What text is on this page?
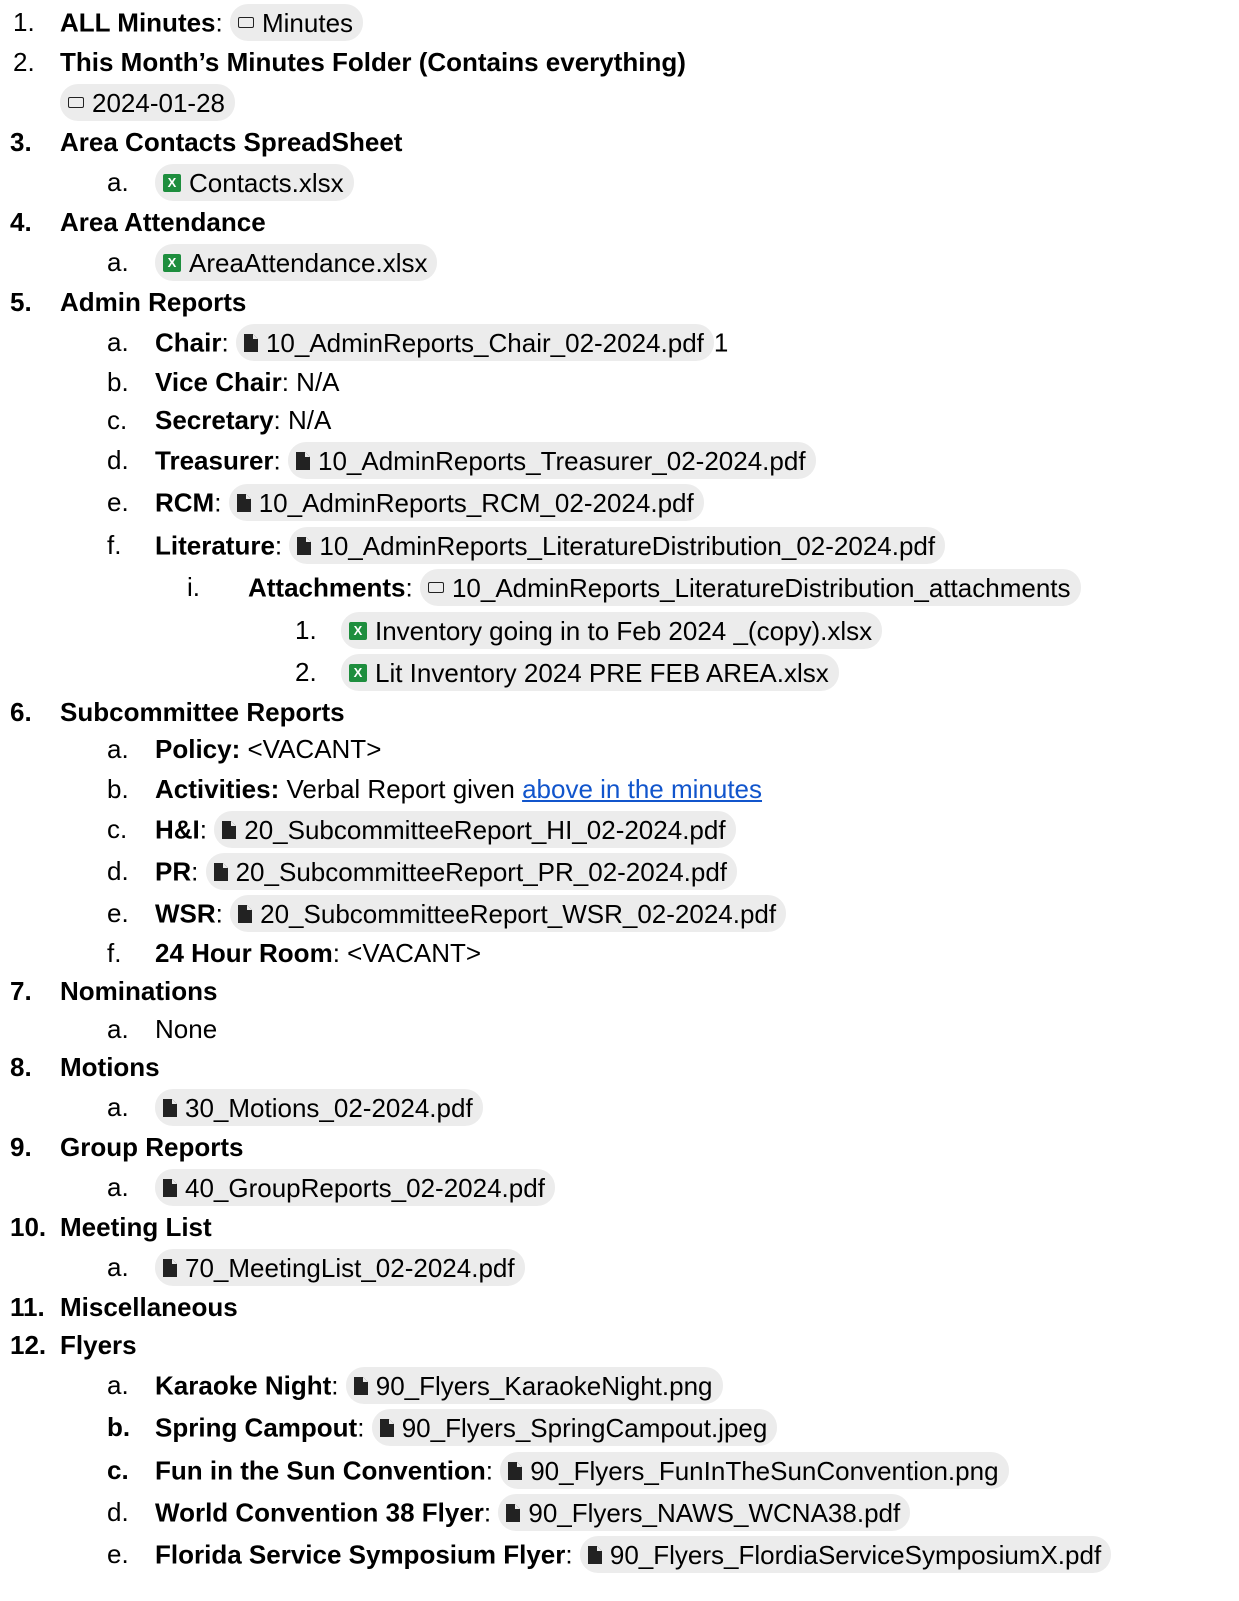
1. ALL Minutes: Minutes
2. This Month’s Minutes Folder (Contains everything)
2024-01-28
3. Area Contacts SpreadSheet
a.	X Contacts.xlsx
4. Area Attendance
a.	X AreaAttendance.xlsx
5. Admin Reports
a. Chair: 10_AdminReports_Chair_02-2024.pdf 1
b. Vice Chair: N/A
c. Secretary: N/A
d. Treasurer: 10_AdminReports_Treasurer_02-2024.pdf
e. RCM: 10_AdminReports_RCM_02-2024.pdf
f. Literature: 10_AdminReports_LiteratureDistribution_02-2024.pdf
i. Attachments: 10_AdminReports_LiteratureDistribution_attachments
1.	X Inventory going in to Feb 2024 _(copy).xlsx
2.	X Lit Inventory 2024 PRE FEB AREA.xlsx
6. Subcommittee Reports
a. Policy: <VACANT>
b. Activities: Verbal Report given above in the minutes
c. H&I: 20_SubcommitteeReport_HI_02-2024.pdf
d. PR: 20_SubcommitteeReport_PR_02-2024.pdf
e. WSR: 20_SubcommitteeReport_WSR_02-2024.pdf
f. 24 Hour Room: <VACANT>
7. Nominations
a. None
8. Motions
a. 30_Motions_02-2024.pdf
9. Group Reports
a. 40_GroupReports_02-2024.pdf
10. Meeting List
a. 70_MeetingList_02-2024.pdf
11. Miscellaneous
12. Flyers
a. Karaoke Night: 90_Flyers_KaraokeNight.png
b. Spring Campout: 90_Flyers_SpringCampout.jpeg
c. Fun in the Sun Convention: 90_Flyers_FunInTheSunConvention.png
d. World Convention 38 Flyer: 90_Flyers_NAWS_WCNA38.pdf
e. Florida Service Symposium Flyer: 90_Flyers_FlordiaServiceSymposiumX.pdf
